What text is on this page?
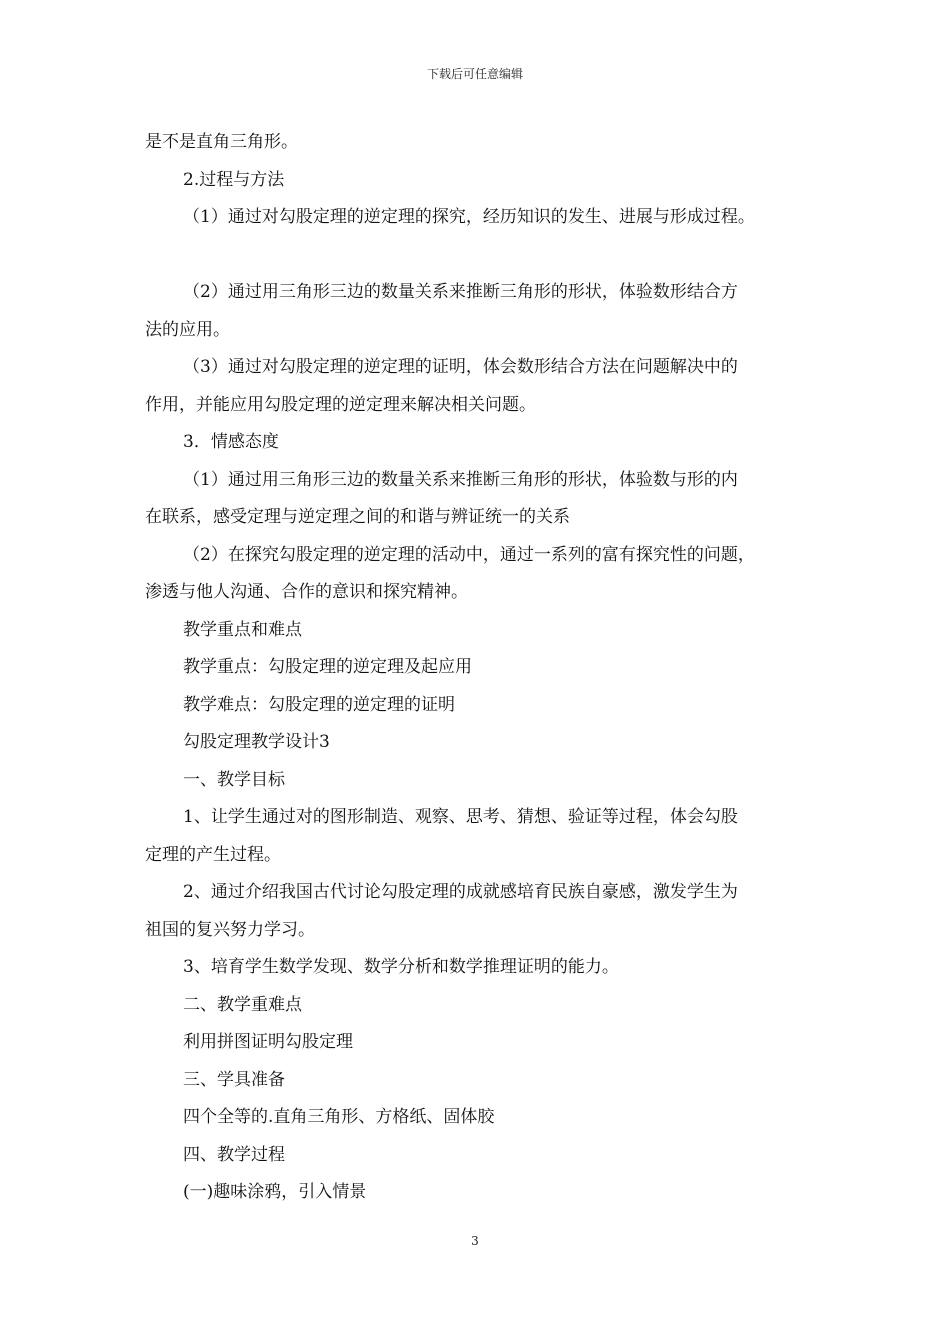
下载后可任意编辑

是不是直角三角形。

2.过程与方法

（1）通过对勾股定理的逆定理的探究，经历知识的发生、进展与形成过程。

（2）通过用三角形三边的数量关系来推断三角形的形状，体验数形结合方

法的应用。

（3）通过对勾股定理的逆定理的证明，体会数形结合方法在问题解决中的

作用，并能应用勾股定理的逆定理来解决相关问题。

3．情感态度

（1）通过用三角形三边的数量关系来推断三角形的形状，体验数与形的内

在联系，感受定理与逆定理之间的和谐与辨证统一的关系

（2）在探究勾股定理的逆定理的活动中，通过一系列的富有探究性的问题，

渗透与他人沟通、合作的意识和探究精神。

教学重点和难点

教学重点：勾股定理的逆定理及起应用

教学难点：勾股定理的逆定理的证明

勾股定理教学设计3

一、教学目标

1、让学生通过对的图形制造、观察、思考、猜想、验证等过程，体会勾股

定理的产生过程。

2、通过介绍我国古代讨论勾股定理的成就感培育民族自豪感，激发学生为

祖国的复兴努力学习。

3、培育学生数学发现、数学分析和数学推理证明的能力。

二、教学重难点

利用拼图证明勾股定理

三、学具准备

四个全等的.直角三角形、方格纸、固体胶

四、教学过程

(一)趣味涂鸦，引入情景

3
